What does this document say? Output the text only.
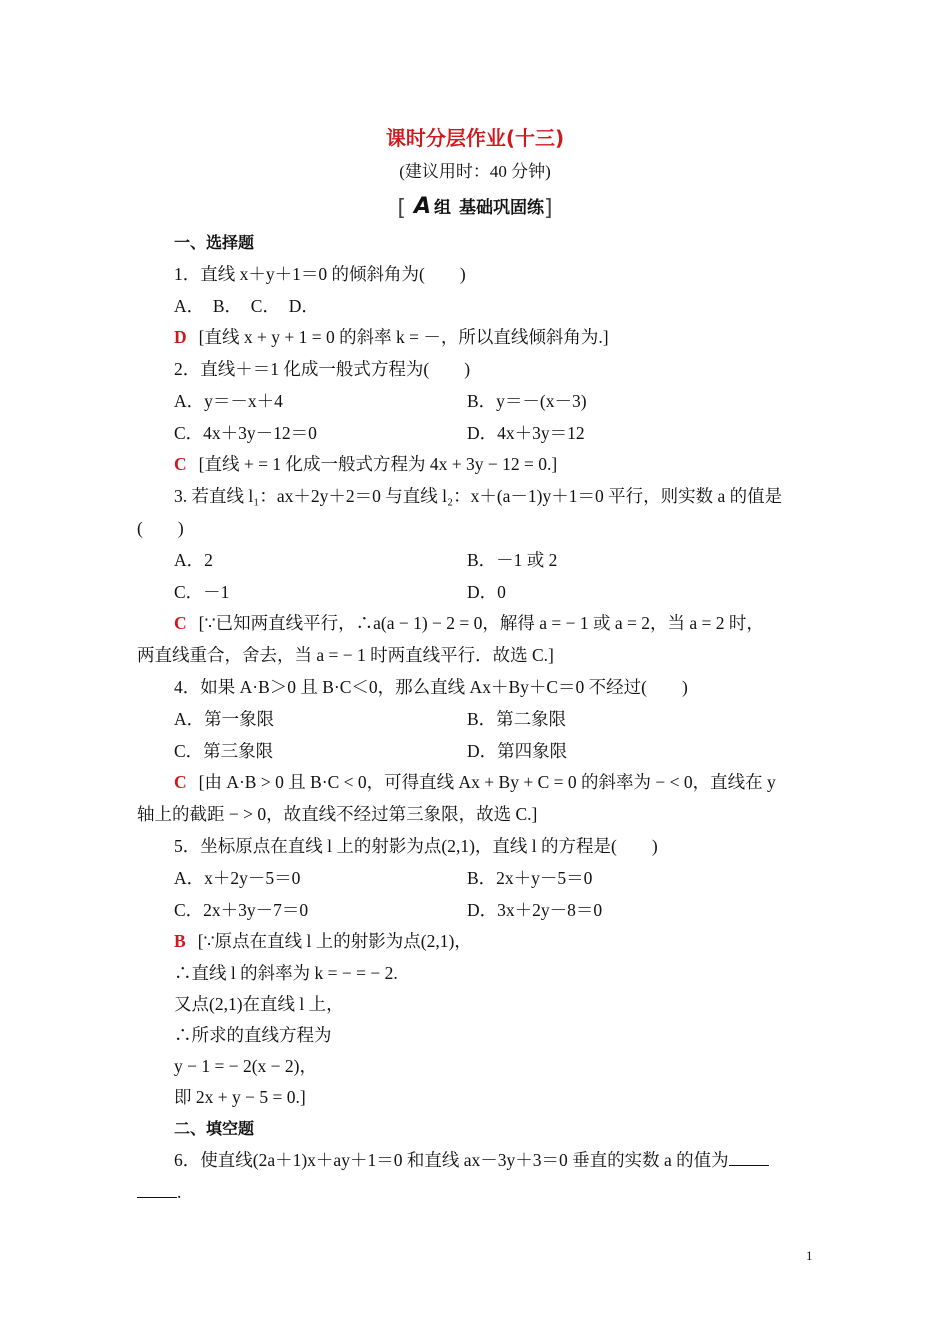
课时分层作业(十三)
(建议用时：40 分钟)
[ A 组 基础巩固练]
一、选择题
1．直线 x＋y＋1＝0 的倾斜角为(　　)
A．　B．　C．　D．
D [直线 x + y + 1 = 0 的斜率 k = －，所以直线倾斜角为.]
2．直线＋＝1 化成一般式方程为(　　)
A．y＝－x＋4	B．y＝－(x－3)
C．4x＋3y－12＝0	D．4x＋3y＝12
C [直线 + = 1 化成一般式方程为 4x + 3y − 12 = 0.]
3. 若直线 l₁：ax＋2y＋2＝0 与直线 l₂：x＋(a－1)y＋1＝0 平行，则实数 a 的值是
(　　)
A．2	B．－1 或 2
C．－1	D．0
C [∵已知两直线平行，∴a(a − 1) − 2 = 0，解得 a = − 1 或 a = 2，当 a = 2 时，
两直线重合，舍去，当 a = − 1 时两直线平行．故选 C.]
4．如果 A·B＞0 且 B·C＜0，那么直线 Ax＋By＋C＝0 不经过(　　)
A．第一象限	B．第二象限
C．第三象限	D．第四象限
C [由 A·B > 0 且 B·C < 0，可得直线 Ax + By + C = 0 的斜率为 − < 0，直线在 y
轴上的截距 − > 0，故直线不经过第三象限，故选 C.]
5．坐标原点在直线 l 上的射影为点(2,1)，直线 l 的方程是(　　)
A．x＋2y－5＝0	B．2x＋y－5＝0
C．2x＋3y－7＝0	D．3x＋2y－8＝0
B [∵原点在直线 l 上的射影为点(2,1)，
∴直线 l 的斜率为 k = − = − 2.
又点(2,1)在直线 l 上，
∴所求的直线方程为
y − 1 = − 2(x − 2)，
即 2x + y − 5 = 0.]
二、填空题
6．使直线(2a＋1)x＋ay＋1＝0 和直线 ax－3y＋3＝0 垂直的实数 a 的值为
.
1
